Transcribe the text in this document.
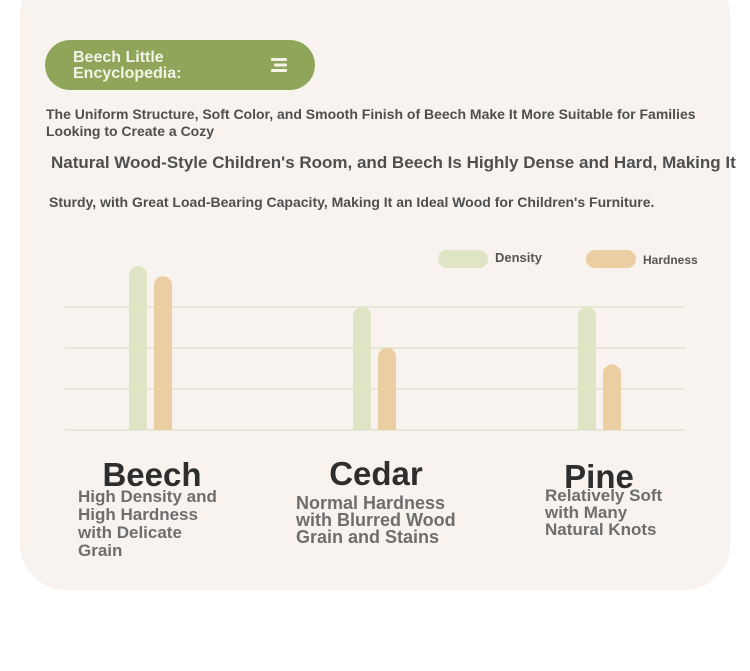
Beech Little Encyclopedia:
The Uniform Structure, Soft Color, and Smooth Finish of Beech Make It More Suitable for Families Looking to Create a Cozy
Natural Wood-Style Children's Room, and Beech Is Highly Dense and Hard, Making It
Sturdy, with Great Load-Bearing Capacity, Making It an Ideal Wood for Children's Furniture.
Density	Hardness
Beech	Cedar	Pine
High Density and High Hardness with Delicate Grain
Normal Hardness with Blurred Wood Grain and Stains
Relatively Soft with Many Natural Knots
